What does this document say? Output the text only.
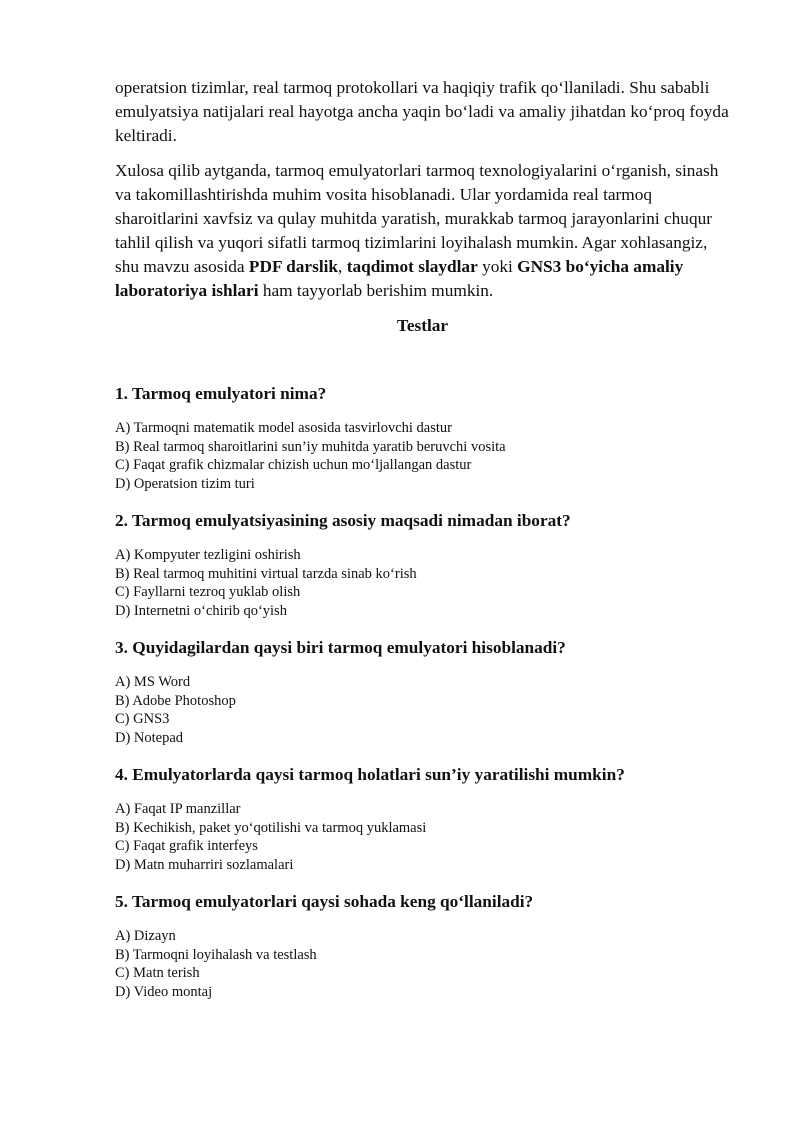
operatsion tizimlar, real tarmoq protokollari va haqiqiy trafik qo‘llaniladi. Shu sababli emulyatsiya natijalari real hayotga ancha yaqin bo‘ladi va amaliy jihatdan ko‘proq foyda keltiradi.

Xulosa qilib aytganda, tarmoq emulyatorlari tarmoq texnologiyalarini o‘rganish, sinash va takomillashtirishda muhim vosita hisoblanadi. Ular yordamida real tarmoq sharoitlarini xavfsiz va qulay muhitda yaratish, murakkab tarmoq jarayonlarini chuqur tahlil qilish va yuqori sifatli tarmoq tizimlarini loyihalash mumkin. Agar xohlasangiz, shu mavzu asosida PDF darslik, taqdimot slaydlar yoki GNS3 bo‘yicha amaliy laboratoriya ishlari ham tayyorlab berishim mumkin.

Testlar
1. Tarmoq emulyatori nima?
A) Tarmoqni matematik model asosida tasvirlovchi dastur
B) Real tarmoq sharoitlarini sun’iy muhitda yaratib beruvchi vosita
C) Faqat grafik chizmalar chizish uchun mo‘ljallangan dastur
D) Operatsion tizim turi
2. Tarmoq emulyatsiyasining asosiy maqsadi nimadan iborat?
A) Kompyuter tezligini oshirish
B) Real tarmoq muhitini virtual tarzda sinab ko‘rish
C) Fayllarni tezroq yuklab olish
D) Internetni o‘chirib qo‘yish
3. Quyidagilardan qaysi biri tarmoq emulyatori hisoblanadi?
A) MS Word
B) Adobe Photoshop
C) GNS3
D) Notepad
4. Emulyatorlarda qaysi tarmoq holatlari sun’iy yaratilishi mumkin?
A) Faqat IP manzillar
B) Kechikish, paket yo‘qotilishi va tarmoq yuklamasi
C) Faqat grafik interfeys
D) Matn muharriri sozlamalari
5. Tarmoq emulyatorlari qaysi sohada keng qo‘llaniladi?
A) Dizayn
B) Tarmoqni loyihalash va testlash
C) Matn terish
D) Video montaj
